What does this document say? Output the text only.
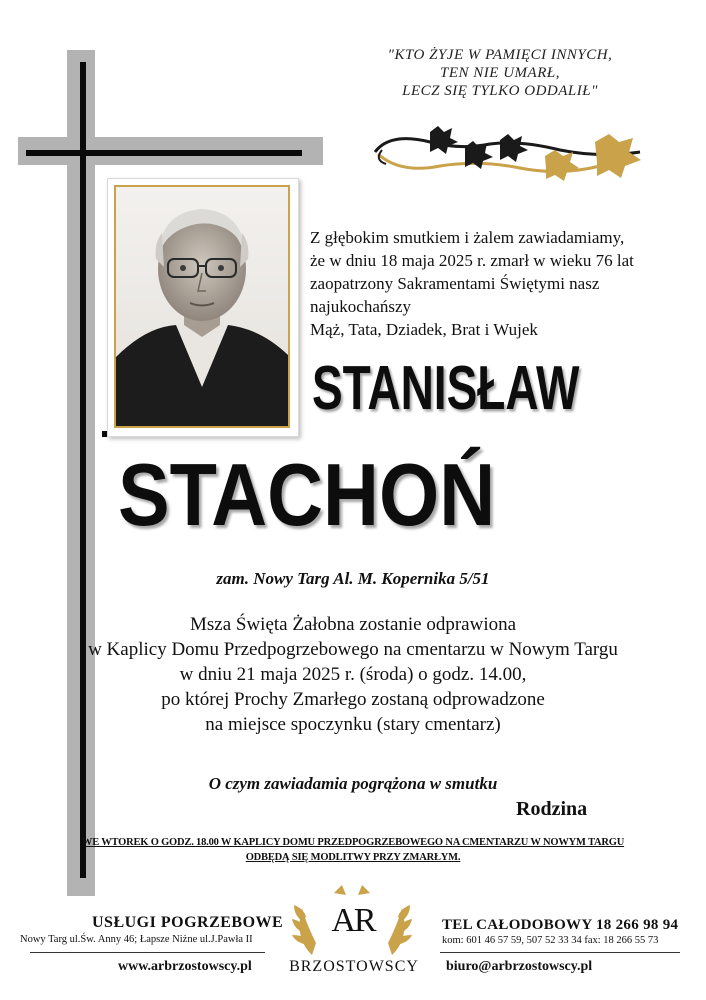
"KTO ŻYJE W PAMIĘCI INNYCH,
TEN NIE UMARŁ,
LECZ SIĘ TYLKO ODDALIŁ"
Z głębokim smutkiem i żalem zawiadamiamy,
że w dniu 18 maja 2025 r. zmarł w wieku 76 lat
zaopatrzony Sakramentami Świętymi nasz najukochańszy
Mąż, Tata, Dziadek, Brat i Wujek
STANISŁAW
STACHOŃ
zam. Nowy Targ Al. M. Kopernika 5/51
Msza Święta Żałobna zostanie odprawiona
w Kaplicy Domu Przedpogrzebowego na cmentarzu w Nowym Targu
w dniu 21 maja 2025 r. (środa) o godz. 14.00,
po której Prochy Zmarłego zostaną odprowadzone
na miejsce spoczynku (stary cmentarz)
O czym zawiadamia pogrążona w smutku
Rodzina
WE WTOREK O GODZ. 18.00 W KAPLICY DOMU PRZEDPOGRZEBOWEGO NA CMENTARZU W NOWYM TARGU
ODBĘDĄ SIĘ MODLITWY PRZY ZMARŁYM.
USŁUGI POGRZEBOWE
Nowy Targ ul.Św. Anny 46; Łapsze Niżne ul.J.Pawła II
www.arbrzostowscy.pl
AR
BRZOSTOWSCY
TEL CAŁODOBOWY 18 266 98 94
kom: 601 46 57 59, 507 52 33 34 fax: 18 266 55 73
biuro@arbrzostowscy.pl
